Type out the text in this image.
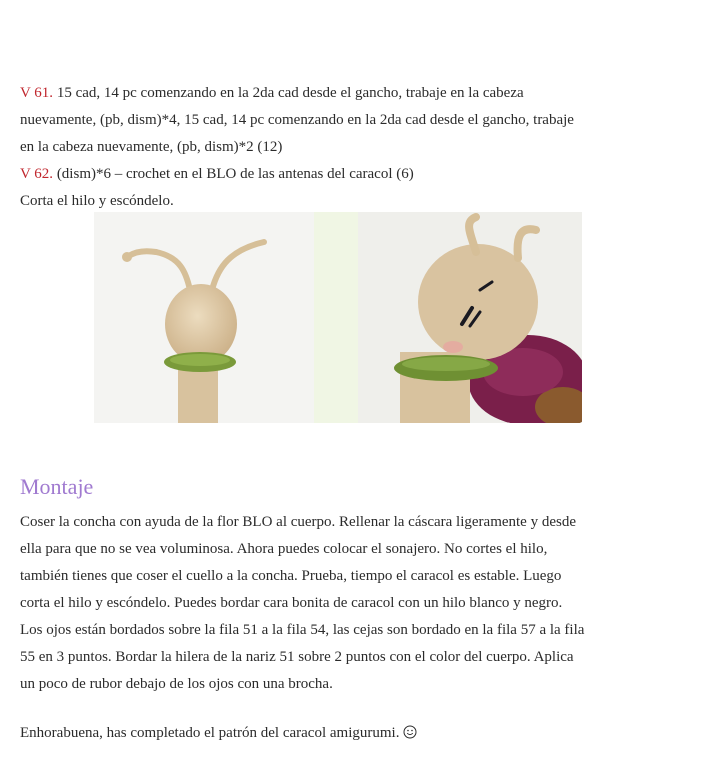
V 61. 15 cad, 14 pc comenzando en la 2da cad desde el gancho, trabaje en la cabeza
nuevamente, (pb, dism)*4, 15 cad, 14 pc comenzando en la 2da cad desde el gancho, trabaje
en la cabeza nuevamente, (pb, dism)*2 (12)
V 62. (dism)*6 – crochet en el BLO de las antenas del caracol (6)
Corta el hilo y escóndelo.
Montaje
Coser la concha con ayuda de la flor BLO al cuerpo. Rellenar la cáscara ligeramente y desde
ella para que no se vea voluminosa. Ahora puedes colocar el sonajero. No cortes el hilo,
también tienes que coser el cuello a la concha. Prueba, tiempo el caracol es estable. Luego
corta el hilo y escóndelo. Puedes bordar cara bonita de caracol con un hilo blanco y negro.
Los ojos están bordados sobre la fila 51 a la fila 54, las cejas son bordado en la fila 57 a la fila
55 en 3 puntos. Bordar la hilera de la nariz 51 sobre 2 puntos con el color del cuerpo. Aplica
un poco de rubor debajo de los ojos con una brocha.
Enhorabuena, has completado el patrón del caracol amigurumi.
